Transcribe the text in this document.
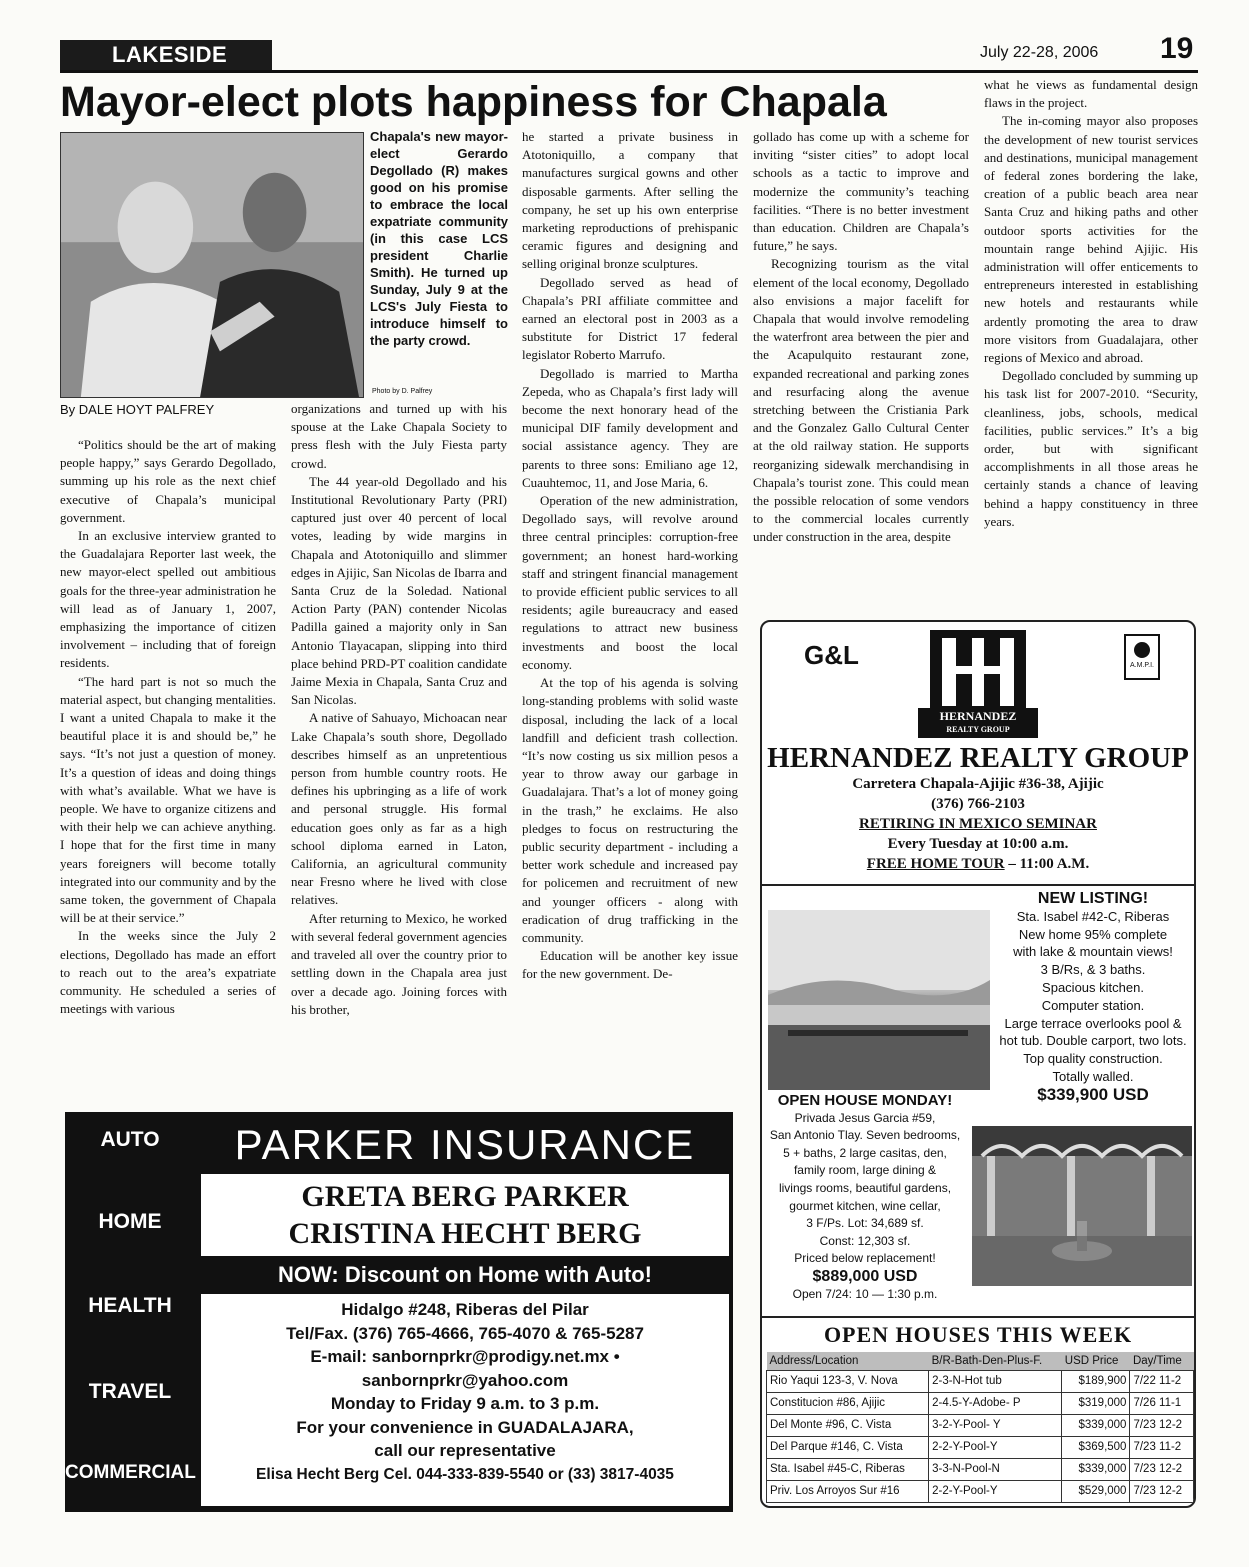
LAKESIDE	July 22-28, 2006 19
Mayor-elect plots happiness for Chapala
Chapala's new mayor-elect Gerardo Degollado (R) makes good on his promise to embrace the local expatriate community (in this case LCS president Charlie Smith). He turned up Sunday, July 9 at the LCS's July Fiesta to introduce himself to the party crowd.
Photo by D. Palfrey
By DALE HOYT PALFREY

“Politics should be the art of making people happy,” says Gerardo Degollado, summing up his role as the next chief executive of Chapala’s municipal government.

In an exclusive interview granted to the Guadalajara Reporter last week, the new mayor-elect spelled out ambitious goals for the three-year administration he will lead as of January 1, 2007, emphasizing the importance of citizen involvement – including that of foreign residents.

“The hard part is not so much the material aspect, but changing mentalities. I want a united Chapala to make it the beautiful place it is and should be,” he says. “It’s not just a question of money. It’s a question of ideas and doing things with what’s available. What we have is people. We have to organize citizens and with their help we can achieve anything. I hope that for the first time in many years foreigners will become totally integrated into our community and by the same token, the government of Chapala will be at their service.”

In the weeks since the July 2 elections, Degollado has made an effort to reach out to the area’s expatriate community. He scheduled a series of meetings with various

organizations and turned up with his spouse at the Lake Chapala Society to press flesh with the July Fiesta party crowd.

The 44 year-old Degollado and his Institutional Revolutionary Party (PRI) captured just over 40 percent of local votes, leading by wide margins in Chapala and Atotoniquillo and slimmer edges in Ajijic, San Nicolas de Ibarra and Santa Cruz de la Soledad. National Action Party (PAN) contender Nicolas Padilla gained a majority only in San Antonio Tlayacapan, slipping into third place behind PRD-PT coalition candidate Jaime Mexia in Chapala, Santa Cruz and San Nicolas.

A native of Sahuayo, Michoacan near Lake Chapala’s south shore, Degollado describes himself as an unpretentious person from humble country roots. He defines his upbringing as a life of work and personal struggle. His formal education goes only as far as a high school diploma earned in Laton, California, an agricultural community near Fresno where he lived with close relatives.

After returning to Mexico, he worked with several federal government agencies and traveled all over the country prior to settling down in the Chapala area just over a decade ago. Joining forces with his brother,

he started a private business in Atotoniquillo, a company that manufactures surgical gowns and other disposable garments. After selling the company, he set up his own enterprise marketing reproductions of prehispanic ceramic figures and designing and selling original bronze sculptures.

Degollado served as head of Chapala’s PRI affiliate committee and earned an electoral post in 2003 as a substitute for District 17 federal legislator Roberto Marrufo.

Degollado is married to Martha Zepeda, who as Chapala’s first lady will become the next honorary head of the municipal DIF family development and social assistance agency. They are parents to three sons: Emiliano age 12, Cuauhtemoc, 11, and Jose Maria, 6.

Operation of the new administration, Degollado says, will revolve around three central principles: corruption-free government; an honest hard-working staff and stringent financial management to provide efficient public services to all residents; agile bureaucracy and eased regulations to attract new business investments and boost the local economy.

At the top of his agenda is solving long-standing problems with solid waste disposal, including the lack of a local landfill and deficient trash collection. “It’s now costing us six million pesos a year to throw away our garbage in Guadalajara. That’s a lot of money going in the trash,” he exclaims. He also pledges to focus on restructuring the public security department - including a better work schedule and increased pay for policemen and recruitment of new and younger officers - along with eradication of drug trafficking in the community.

Education will be another key issue for the new government. De-

gollado has come up with a scheme for inviting “sister cities” to adopt local schools as a tactic to improve and modernize the community’s teaching facilities. “There is no better investment than education. Children are Chapala’s future,” he says.

Recognizing tourism as the vital element of the local economy, Degollado also envisions a major facelift for Chapala that would involve remodeling the waterfront area between the pier and the Acapulquito restaurant zone, expanded recreational and parking zones and resurfacing along the avenue stretching between the Cristiania Park and the Gonzalez Gallo Cultural Center at the old railway station. He supports reorganizing sidewalk merchandising in Chapala’s tourist zone. This could mean the possible relocation of some vendors to the commercial locales currently under construction in the area, despite

what he views as fundamental design flaws in the project.

The in-coming mayor also proposes the development of new tourist services and destinations, municipal management of federal zones bordering the lake, creation of a public beach area near Santa Cruz and hiking paths and other outdoor sports activities for the mountain range behind Ajijic. His administration will offer enticements to entrepreneurs interested in establishing new hotels and restaurants while ardently promoting the area to draw more visitors from Guadalajara, other regions of Mexico and abroad.

Degollado concluded by summing up his task list for 2007-2010. “Security, cleanliness, jobs, schools, medical facilities, public services.” It’s a big order, but with significant accomplishments in all those areas he certainly stands a chance of leaving behind a happy constituency in three years.

AUTO
HOME
HEALTH
TRAVEL
COMMERCIAL
PARKER INSURANCE
GRETA BERG PARKER
CRISTINA HECHT BERG
NOW: Discount on Home with Auto!
Hidalgo #248, Riberas del Pilar
Tel/Fax. (376) 765-4666, 765-4070 & 765-5287
E-mail: sanbornprkr@prodigy.net.mx •
sanbornprkr@yahoo.com
Monday to Friday 9 a.m. to 3 p.m.
For your convenience in GUADALAJARA,
call our representative
Elisa Hecht Berg Cel. 044-333-839-5540 or (33) 3817-4035
G&L
HERNANDEZ
REALTY GROUP
A.M.P.I.
HERNANDEZ REALTY GROUP
Carretera Chapala-Ajijic #36-38, Ajijic
(376) 766-2103
RETIRING IN MEXICO SEMINAR
Every Tuesday at 10:00 a.m.
FREE HOME TOUR – 11:00 A.M.
NEW LISTING!
Sta. Isabel #42-C, Riberas
New home 95% complete
with lake & mountain views!
3 B/Rs, & 3 baths.
Spacious kitchen.
Computer station.
Large terrace overlooks pool &
hot tub. Double carport, two lots.
Top quality construction.
Totally walled.
$339,900 USD
OPEN HOUSE MONDAY!
Privada Jesus Garcia #59,
San Antonio Tlay. Seven bedrooms,
5 + baths, 2 large casitas, den,
family room, large dining &
livings rooms, beautiful gardens,
gourmet kitchen, wine cellar,
3 F/Ps. Lot: 34,689 sf.
Const: 12,303 sf.
Priced below replacement!
$889,000 USD
Open 7/24: 10 — 1:30 p.m.
OPEN HOUSES THIS WEEK
Address/Location	B/R-Bath-Den-Plus-F.	USD Price	Day/Time
Rio Yaqui 123-3, V. Nova	2-3-N-Hot tub	$189,900	7/22 11-2
Constitucion #86, Ajijic	2-4.5-Y-Adobe- P	$319,000	7/26 11-1
Del Monte #96, C. Vista	3-2-Y-Pool- Y	$339,000	7/23 12-2
Del Parque #146, C. Vista	2-2-Y-Pool-Y	$369,500	7/23 11-2
Sta. Isabel #45-C, Riberas	3-3-N-Pool-N	$339,000	7/23 12-2
Priv. Los Arroyos Sur #16	2-2-Y-Pool-Y	$529,000	7/23 12-2
